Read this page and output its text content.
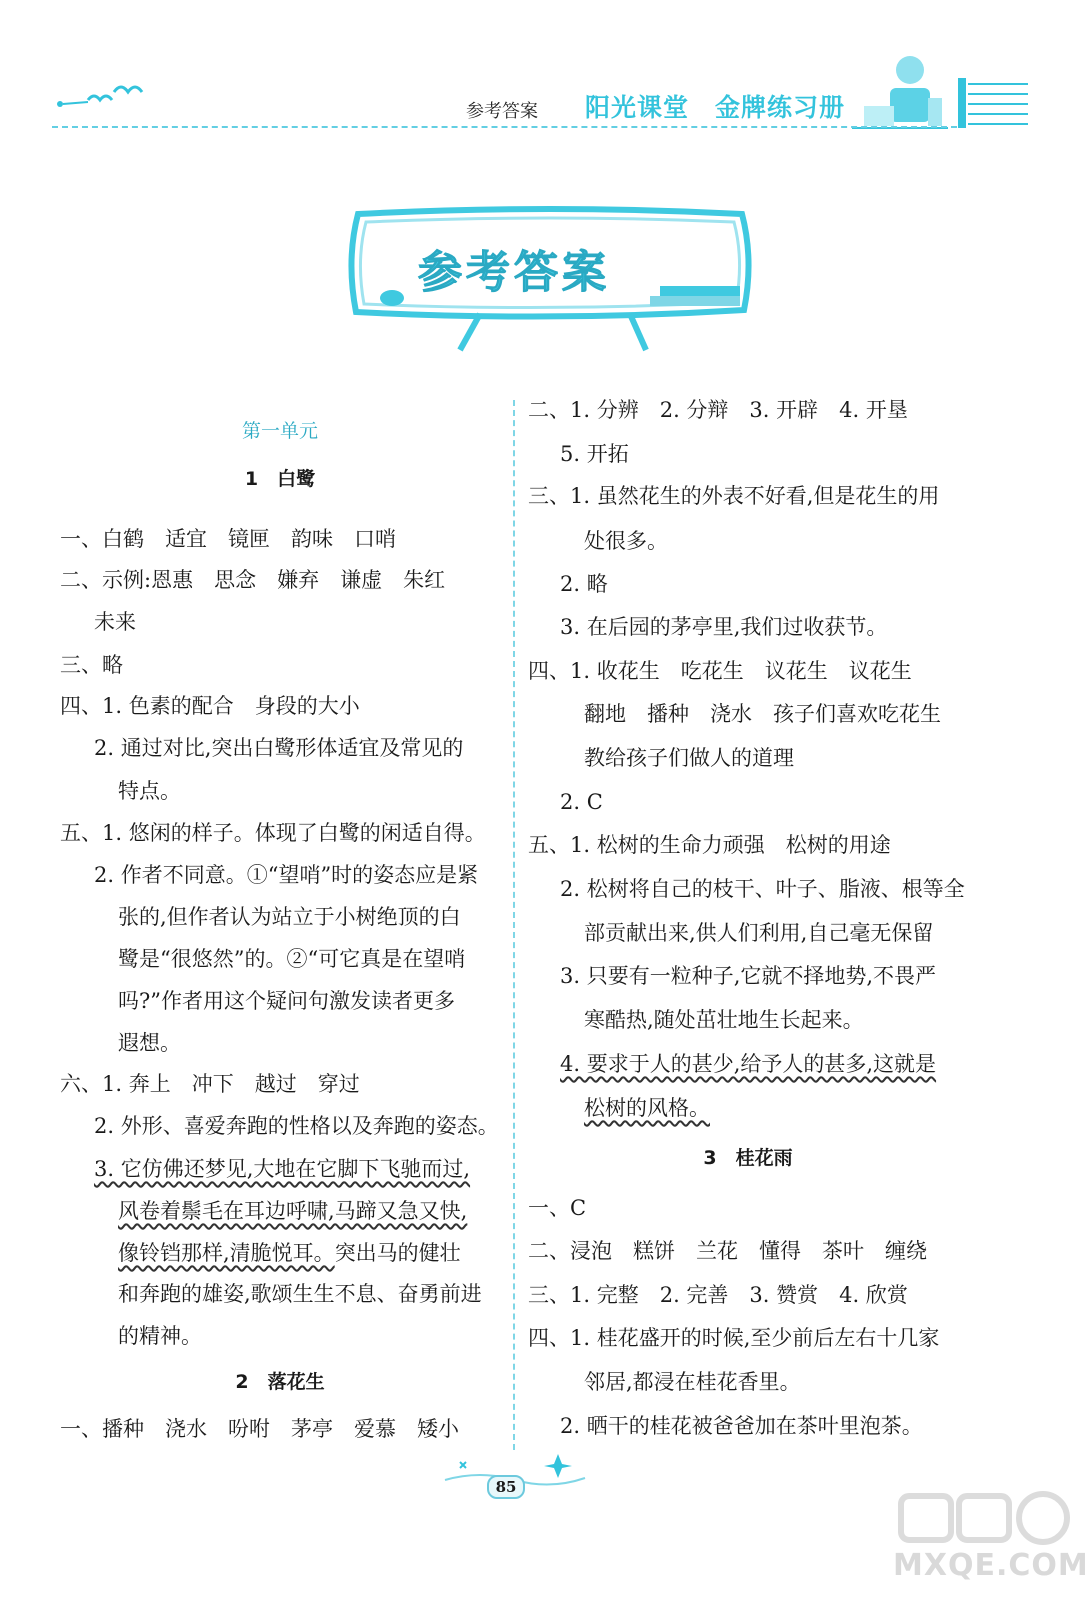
参考答案 阳光课堂 金牌练习册
参考答案
第一单元
1　白鹭
一、白鹤　适宜　镜匣　韵味　口哨
二、示例:恩惠　思念　嫌弃　谦虚　朱红
未来
三、略
四、1. 色素的配合　身段的大小
2. 通过对比,突出白鹭形体适宜及常见的
特点。
五、1. 悠闲的样子。体现了白鹭的闲适自得。
2. 作者不同意。①“望哨”时的姿态应是紧
张的,但作者认为站立于小树绝顶的白
鹭是“很悠然”的。②“可它真是在望哨
吗?”作者用这个疑问句激发读者更多
遐想。
六、1. 奔上　冲下　越过　穿过
2. 外形、喜爱奔跑的性格以及奔跑的姿态。
3. 它仿佛还梦见,大地在它脚下飞驰而过,
风卷着鬃毛在耳边呼啸,马蹄又急又快,
像铃铛那样,清脆悦耳。突出马的健壮
和奔跑的雄姿,歌颂生生不息、奋勇前进
的精神。
2　落花生
一、播种　浇水　吩咐　茅亭　爱慕　矮小
二、1. 分辨　2. 分辩　3. 开辟　4. 开垦
5. 开拓
三、1. 虽然花生的外表不好看,但是花生的用
处很多。
2. 略
3. 在后园的茅亭里,我们过收获节。
四、1. 收花生　吃花生　议花生　议花生
翻地　播种　浇水　孩子们喜欢吃花生
教给孩子们做人的道理
2. C
五、1. 松树的生命力顽强　松树的用途
2. 松树将自己的枝干、叶子、脂液、根等全
部贡献出来,供人们利用,自己毫无保留
3. 只要有一粒种子,它就不择地势,不畏严
寒酷热,随处茁壮地生长起来。
4. 要求于人的甚少,给予人的甚多,这就是
松树的风格。
3　桂花雨
一、C
二、浸泡　糕饼　兰花　懂得　茶叶　缠绕
三、1. 完整　2. 完善　3. 赞赏　4. 欣赏
四、1. 桂花盛开的时候,至少前后左右十几家
邻居,都浸在桂花香里。
2. 晒干的桂花被爸爸加在茶叶里泡茶。
85
MXQE.COM
